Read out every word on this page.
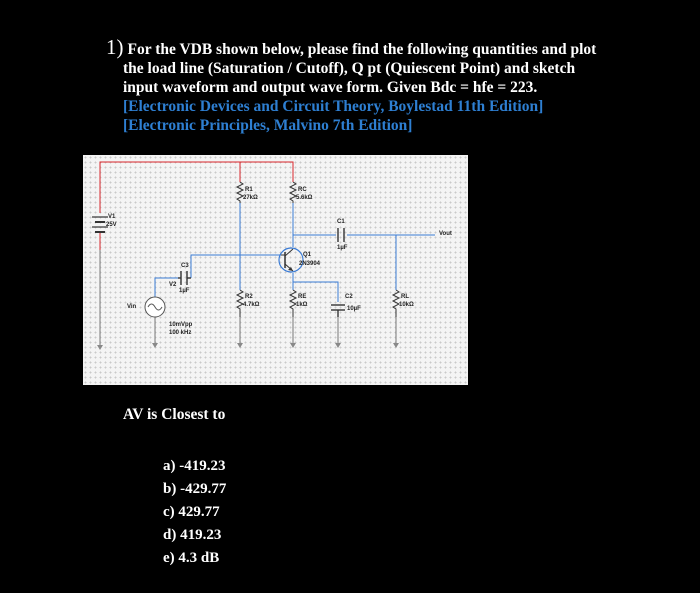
1) For the VDB shown below, please find the following quantities and plot
the load line (Saturation / Cutoff), Q pt (Quiescent Point) and sketch
input waveform and output wave form. Given Bdc = hfe = 223.
[Electronic Devices and Circuit Theory, Boylestad 11th Edition]
[Electronic Principles, Malvino 7th Edition]
R1
27kΩ
RC
5.6kΩ
V1
25V	C1
1µF
Vout
Q1
2N3904
C3
1µF
V2
Vin
10mVpp
100 kHz
R2
4.7kΩ
RE
1kΩ
C2
10µF
RL
10kΩ
AV is Closest to
a) -419.23
b) -429.77
c) 429.77
d) 419.23
e) 4.3 dB
